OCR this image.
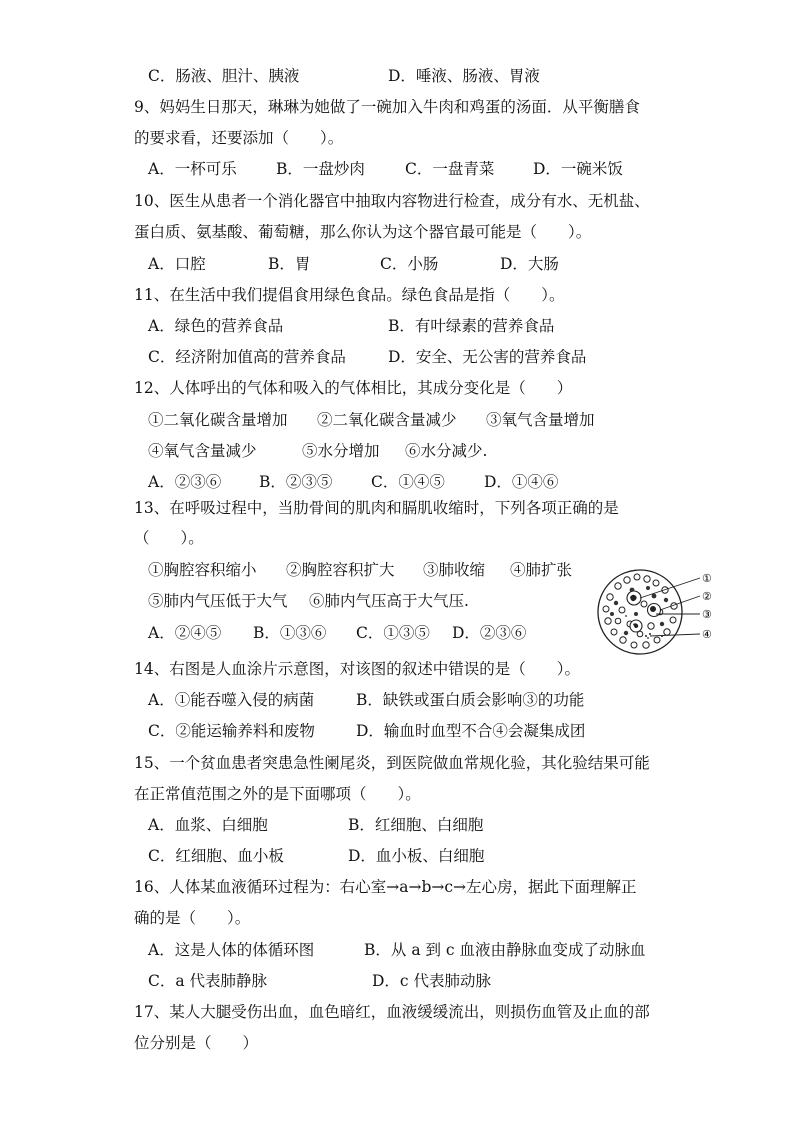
C．肠液、胆汁、胰液	D．唾液、肠液、胃液
9、妈妈生日那天，琳琳为她做了一碗加入牛肉和鸡蛋的汤面．从平衡膳食
的要求看，还要添加（　　）。
A．一杯可乐	B．一盘炒肉	C．一盘青菜 D．一碗米饭
10、医生从患者一个消化器官中抽取内容物进行检查，成分有水、无机盐、
蛋白质、氨基酸、葡萄糖，那么你认为这个器官最可能是（　　）。
A．口腔	B．胃	C．小肠	D．大肠
11、在生活中我们提倡食用绿色食品。绿色食品是指（　　）。
A．绿色的营养食品	B．有叶绿素的营养食品
C．经济附加值高的营养食品	D．安全、无公害的营养食品
12、人体呼出的气体和吸入的气体相比，其成分变化是（　　）
①二氧化碳含量增加 ②二氧化碳含量减少 ③氧气含量增加
④氧气含量减少	⑤水分增加 ⑥水分减少.
A．②③⑥ B．②③⑤ C．①④⑤	D．①④⑥
13、在呼吸过程中，当肋骨间的肌肉和膈肌收缩时，下列各项正确的是
（　　）。
①胸腔容积缩小 ②胸腔容积扩大 ③肺收缩 ④肺扩张
⑤肺内气压低于大气 ⑥肺内气压高于大气压.
A．②④⑤ B．①③⑥ C．①③⑤ D．②③⑥
①
②
③
④
14、右图是人血涂片示意图，对该图的叙述中错误的是（　　）。
A．①能吞噬入侵的病菌	B．缺铁或蛋白质会影响③的功能
C．②能运输养料和废物	D．输血时血型不合④会凝集成团
15、一个贫血患者突患急性阑尾炎，到医院做血常规化验，其化验结果可能
在正常值范围之外的是下面哪项（　　）。
A．血浆、白细胞	B．红细胞、白细胞
C．红细胞、血小板	D．血小板、白细胞
16、人体某血液循环过程为：右心室→a→b→c→左心房，据此下面理解正
确的是（　　）。
A．这是人体的体循环图	B．从 a 到 c 血液由静脉血变成了动脉血
C．a 代表肺静脉	D．c 代表肺动脉
17、某人大腿受伤出血，血色暗红，血液缓缓流出，则损伤血管及止血的部
位分别是（　　）
